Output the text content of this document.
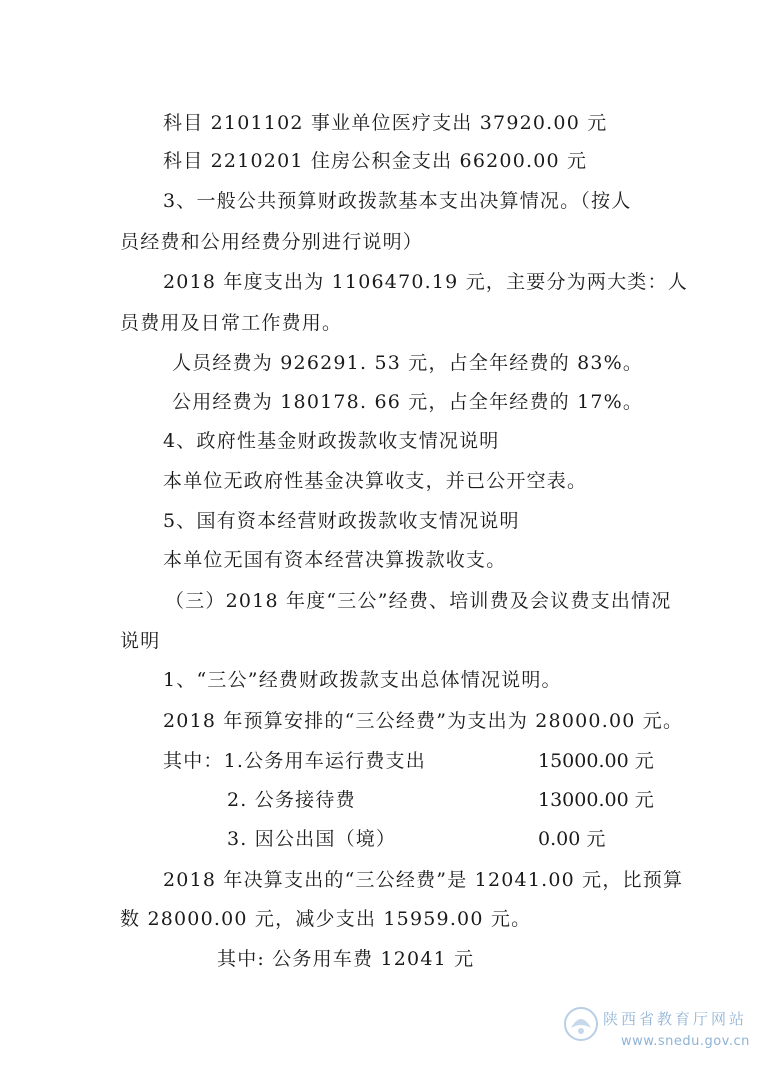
科目 2101102 事业单位医疗支出 37920.00 元
科目 2210201 住房公积金支出 66200.00 元
3、一般公共预算财政拨款基本支出决算情况。（按人
员经费和公用经费分别进行说明）
2018 年度支出为 1106470.19 元，主要分为两大类：人
员费用及日常工作费用。
人员经费为 926291. 53 元，占全年经费的 83%。
公用经费为 180178. 66 元，占全年经费的 17%。
4、政府性基金财政拨款收支情况说明
本单位无政府性基金决算收支，并已公开空表。
5、国有资本经营财政拨款收支情况说明
本单位无国有资本经营决算拨款收支。
（三）2018 年度“三公”经费、培训费及会议费支出情况
说明
1、“三公”经费财政拨款支出总体情况说明。
2018 年预算安排的“三公经费”为支出为 28000.00 元。
其中：1.公务用车运行费支出	15000.00 元
2. 公务接待费	13000.00 元
3. 因公出国（境）	0.00 元
2018 年决算支出的“三公经费”是 12041.00 元，比预算
数 28000.00 元，减少支出 15959.00 元。
其中: 公务用车费 12041 元
陕西省教育厅网站
www.snedu.gov.cn
